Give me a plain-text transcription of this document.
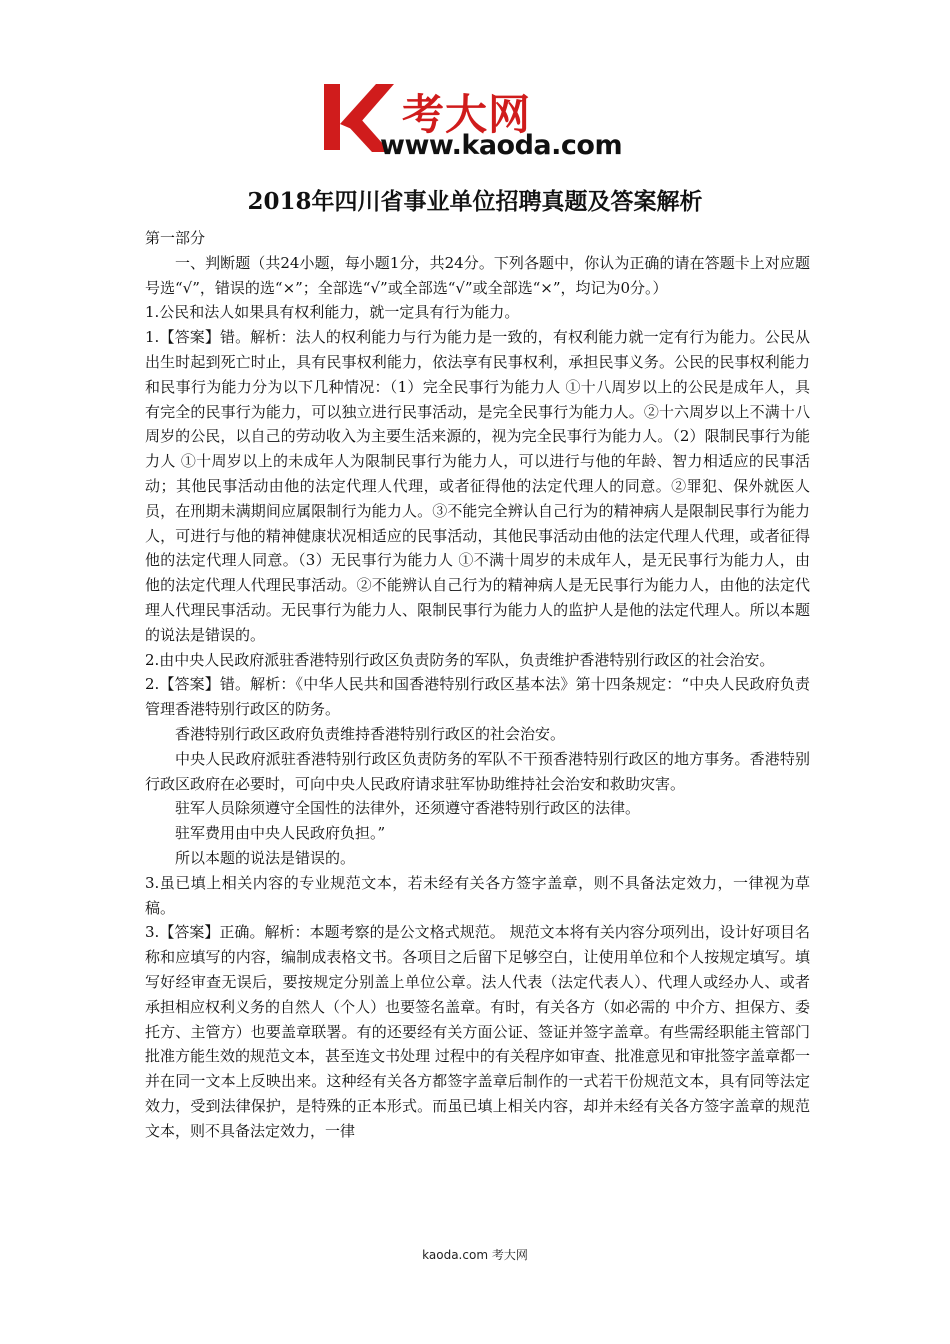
考大网
www.kaoda.com
2018年四川省事业单位招聘真题及答案解析

第一部分

一、判断题（共24小题，每小题1分，共24分。下列各题中，你认为正确的请在答题卡上对应题号选“√”，错误的选“×”；全部选“√”或全部选“√”或全部选“×”，均记为0分。）

1.公民和法人如果具有权利能力，就一定具有行为能力。

1.【答案】错。解析：法人的权利能力与行为能力是一致的，有权利能力就一定有行为能力。公民从出生时起到死亡时止，具有民事权利能力，依法享有民事权利，承担民事义务。公民的民事权利能力和民事行为能力分为以下几种情况：（1）完全民事行为能力人 ①十八周岁以上的公民是成年人，具有完全的民事行为能力，可以独立进行民事活动，是完全民事行为能力人。②十六周岁以上不满十八周岁的公民，以自己的劳动收入为主要生活来源的，视为完全民事行为能力人。（2）限制民事行为能力人 ①十周岁以上的未成年人为限制民事行为能力人，可以进行与他的年龄、智力相适应的民事活动；其他民事活动由他的法定代理人代理，或者征得他的法定代理人的同意。②罪犯、保外就医人员，在刑期未满期间应属限制行为能力人。③不能完全辨认自己行为的精神病人是限制民事行为能力人，可进行与他的精神健康状况相适应的民事活动，其他民事活动由他的法定代理人代理，或者征得他的法定代理人同意。（3）无民事行为能力人 ①不满十周岁的未成年人，是无民事行为能力人，由他的法定代理人代理民事活动。②不能辨认自己行为的精神病人是无民事行为能力人，由他的法定代理人代理民事活动。无民事行为能力人、限制民事行为能力人的监护人是他的法定代理人。所以本题的说法是错误的。

2.由中央人民政府派驻香港特别行政区负责防务的军队，负责维护香港特别行政区的社会治安。

2.【答案】错。解析：《中华人民共和国香港特别行政区基本法》第十四条规定：“中央人民政府负责管理香港特别行政区的防务。

香港特别行政区政府负责维持香港特别行政区的社会治安。

中央人民政府派驻香港特别行政区负责防务的军队不干预香港特别行政区的地方事务。香港特别行政区政府在必要时，可向中央人民政府请求驻军协助维持社会治安和救助灾害。

驻军人员除须遵守全国性的法律外，还须遵守香港特别行政区的法律。

驻军费用由中央人民政府负担。”

所以本题的说法是错误的。

3.虽已填上相关内容的专业规范文本，若未经有关各方签字盖章，则不具备法定效力，一律视为草稿。

3.【答案】正确。解析：本题考察的是公文格式规范。 规范文本将有关内容分项列出，设计好项目名称和应填写的内容，编制成表格文书。各项目之后留下足够空白，让使用单位和个人按规定填写。填写好经审查无误后，要按规定分别盖上单位公章。法人代表（法定代表人）、代理人或经办人、或者承担相应权利义务的自然人（个人）也要签名盖章。有时，有关各方（如必需的 中介方、担保方、委托方、主管方）也要盖章联署。有的还要经有关方面公证、签证并签字盖章。有些需经职能主管部门批准方能生效的规范文本，甚至连文书处理 过程中的有关程序如审查、批准意见和审批签字盖章都一并在同一文本上反映出来。这种经有关各方都签字盖章后制作的一式若干份规范文本，具有同等法定效力，受到法律保护，是特殊的正本形式。而虽已填上相关内容，却并未经有关各方签字盖章的规范文本，则不具备法定效力，一律

kaoda.com 考大网
